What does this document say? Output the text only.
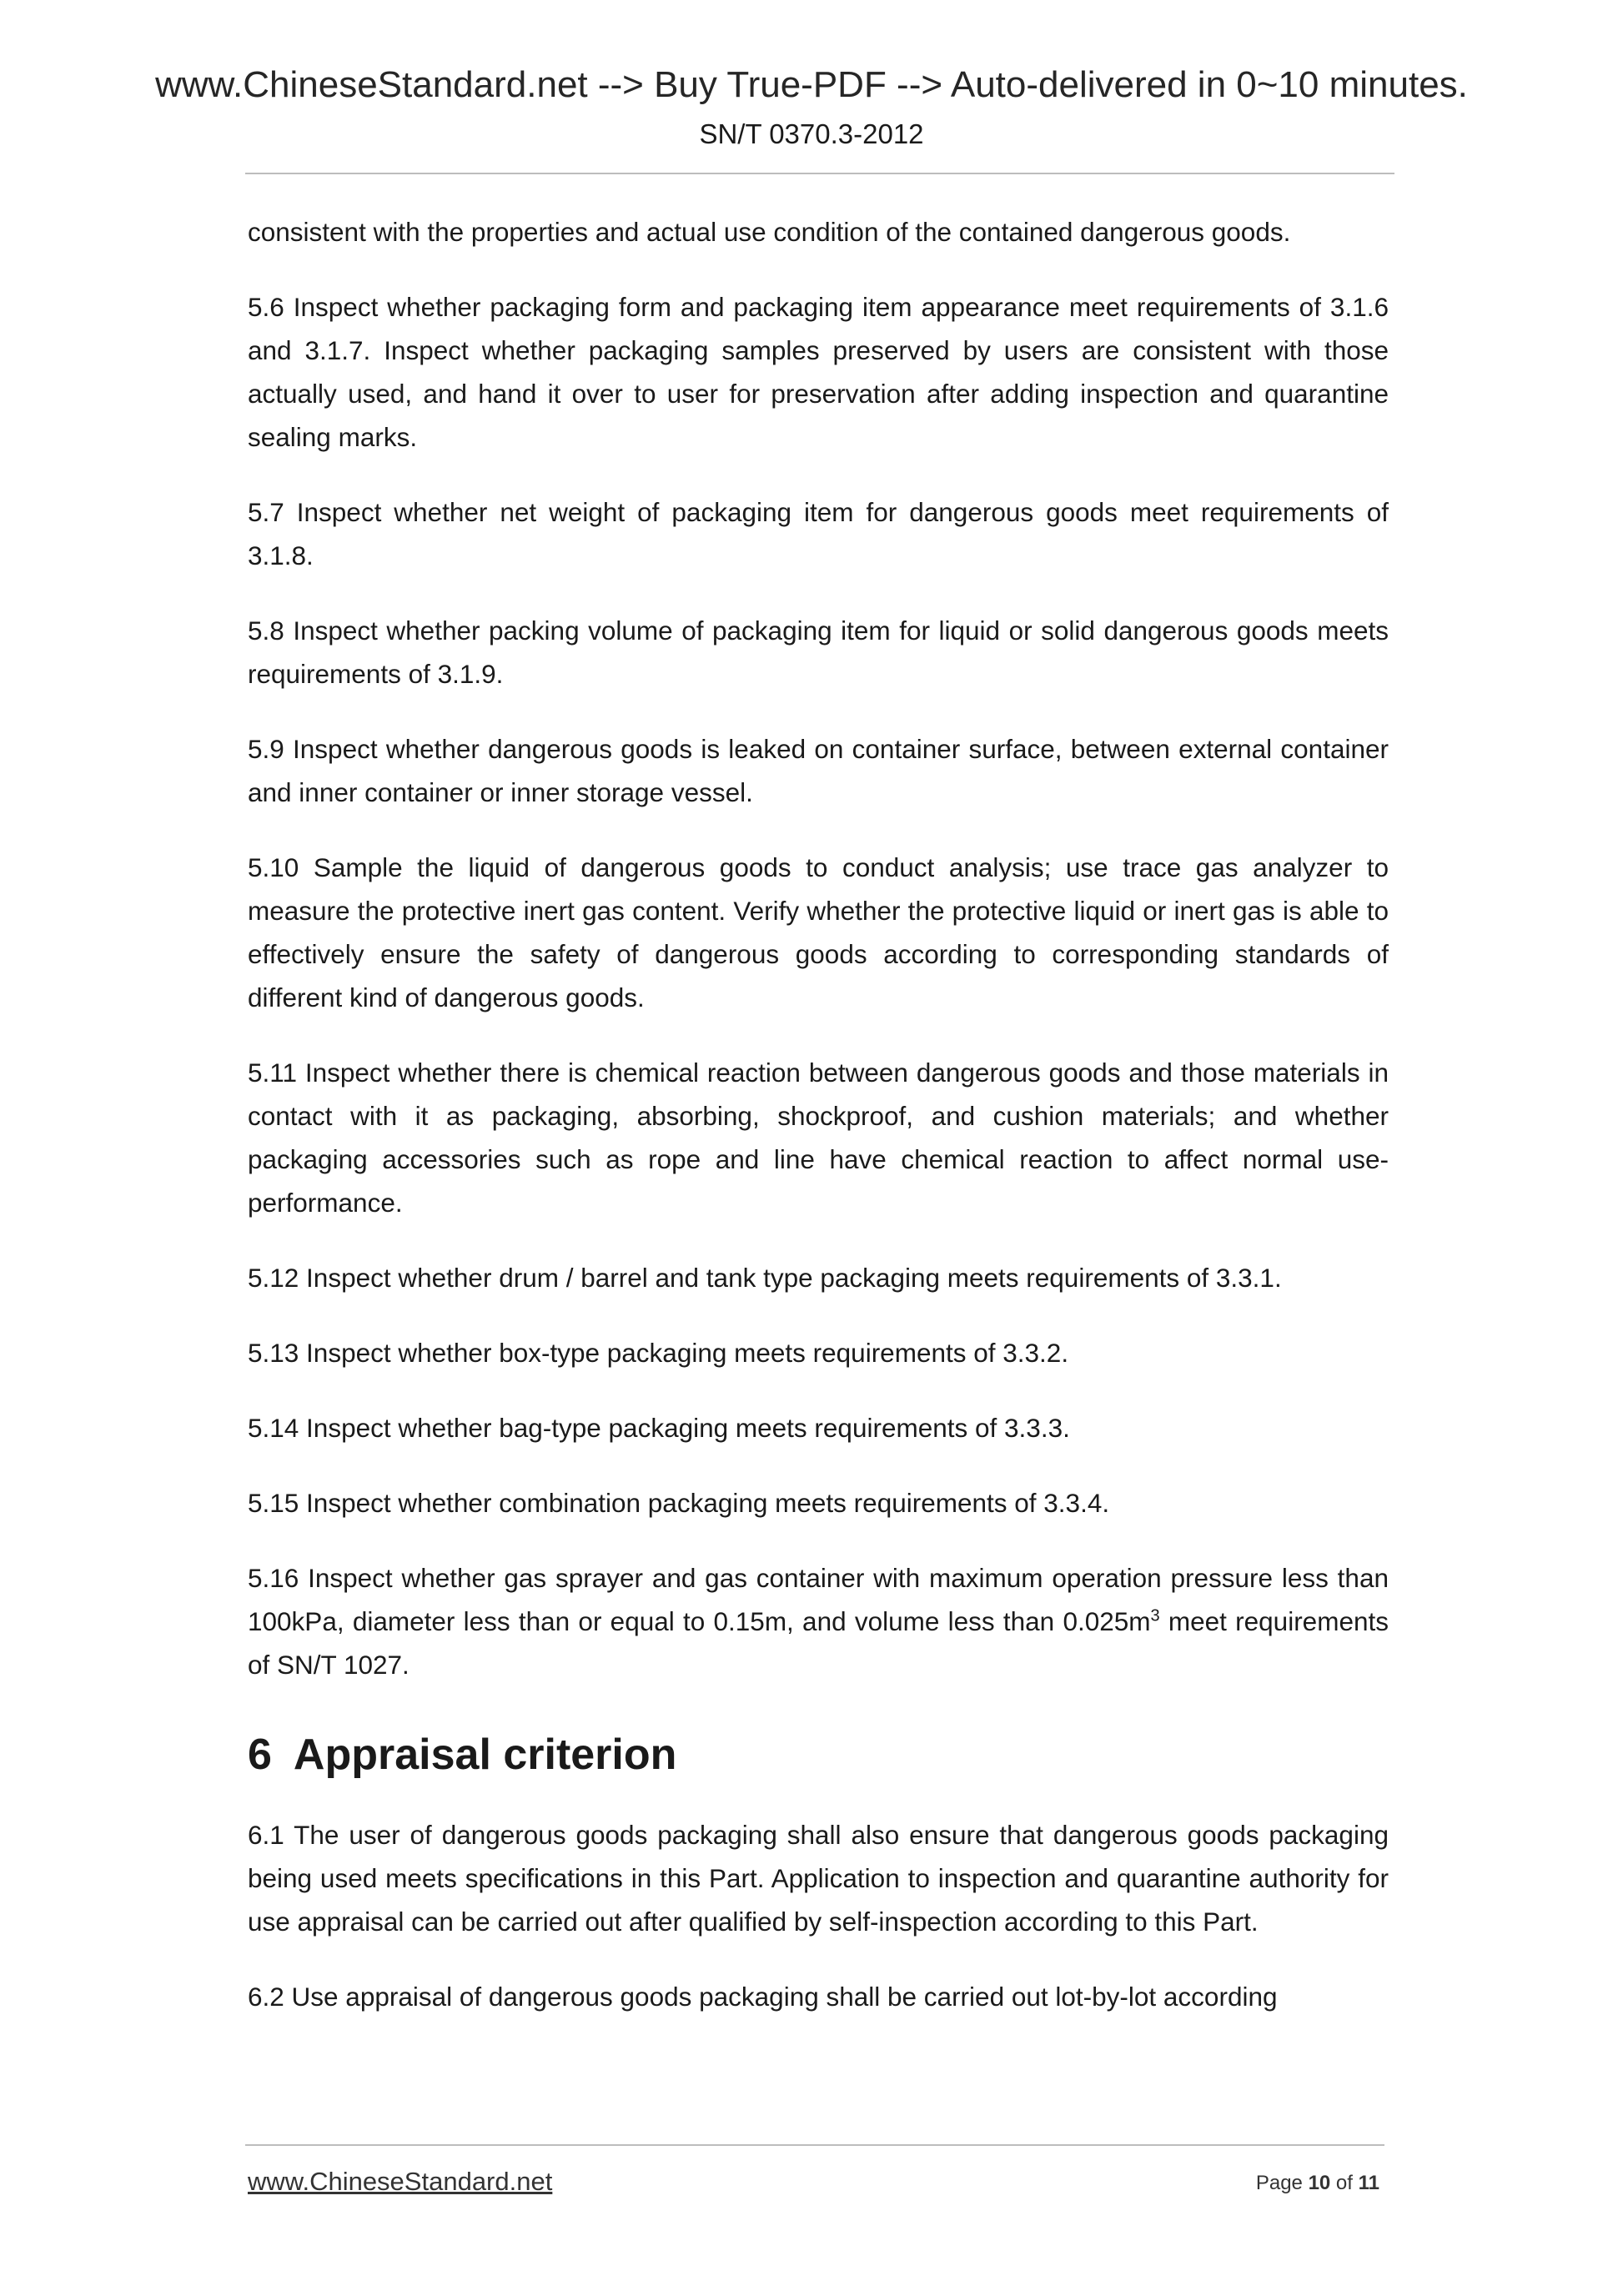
www.ChineseStandard.net --> Buy True-PDF --> Auto-delivered in 0~10 minutes.
SN/T 0370.3-2012

consistent with the properties and actual use condition of the contained dangerous goods.

5.6 Inspect whether packaging form and packaging item appearance meet requirements of 3.1.6 and 3.1.7. Inspect whether packaging samples preserved by users are consistent with those actually used, and hand it over to user for preservation after adding inspection and quarantine sealing marks.

5.7 Inspect whether net weight of packaging item for dangerous goods meet requirements of 3.1.8.

5.8 Inspect whether packing volume of packaging item for liquid or solid dangerous goods meets requirements of 3.1.9.

5.9 Inspect whether dangerous goods is leaked on container surface, between external container and inner container or inner storage vessel.

5.10 Sample the liquid of dangerous goods to conduct analysis; use trace gas analyzer to measure the protective inert gas content. Verify whether the protective liquid or inert gas is able to effectively ensure the safety of dangerous goods according to corresponding standards of different kind of dangerous goods.

5.11 Inspect whether there is chemical reaction between dangerous goods and those materials in contact with it as packaging, absorbing, shockproof, and cushion materials; and whether packaging accessories such as rope and line have chemical reaction to affect normal use-performance.

5.12 Inspect whether drum / barrel and tank type packaging meets requirements of 3.3.1.

5.13 Inspect whether box-type packaging meets requirements of 3.3.2.

5.14 Inspect whether bag-type packaging meets requirements of 3.3.3.

5.15 Inspect whether combination packaging meets requirements of 3.3.4.

5.16 Inspect whether gas sprayer and gas container with maximum operation pressure less than 100kPa, diameter less than or equal to 0.15m, and volume less than $0.025m^3$ meet requirements of SN/T 1027.

6 Appraisal criterion

6.1 The user of dangerous goods packaging shall also ensure that dangerous goods packaging being used meets specifications in this Part. Application to inspection and quarantine authority for use appraisal can be carried out after qualified by self-inspection according to this Part.

6.2 Use appraisal of dangerous goods packaging shall be carried out lot-by-lot according

www.ChineseStandard.net	Page 10 of 11
